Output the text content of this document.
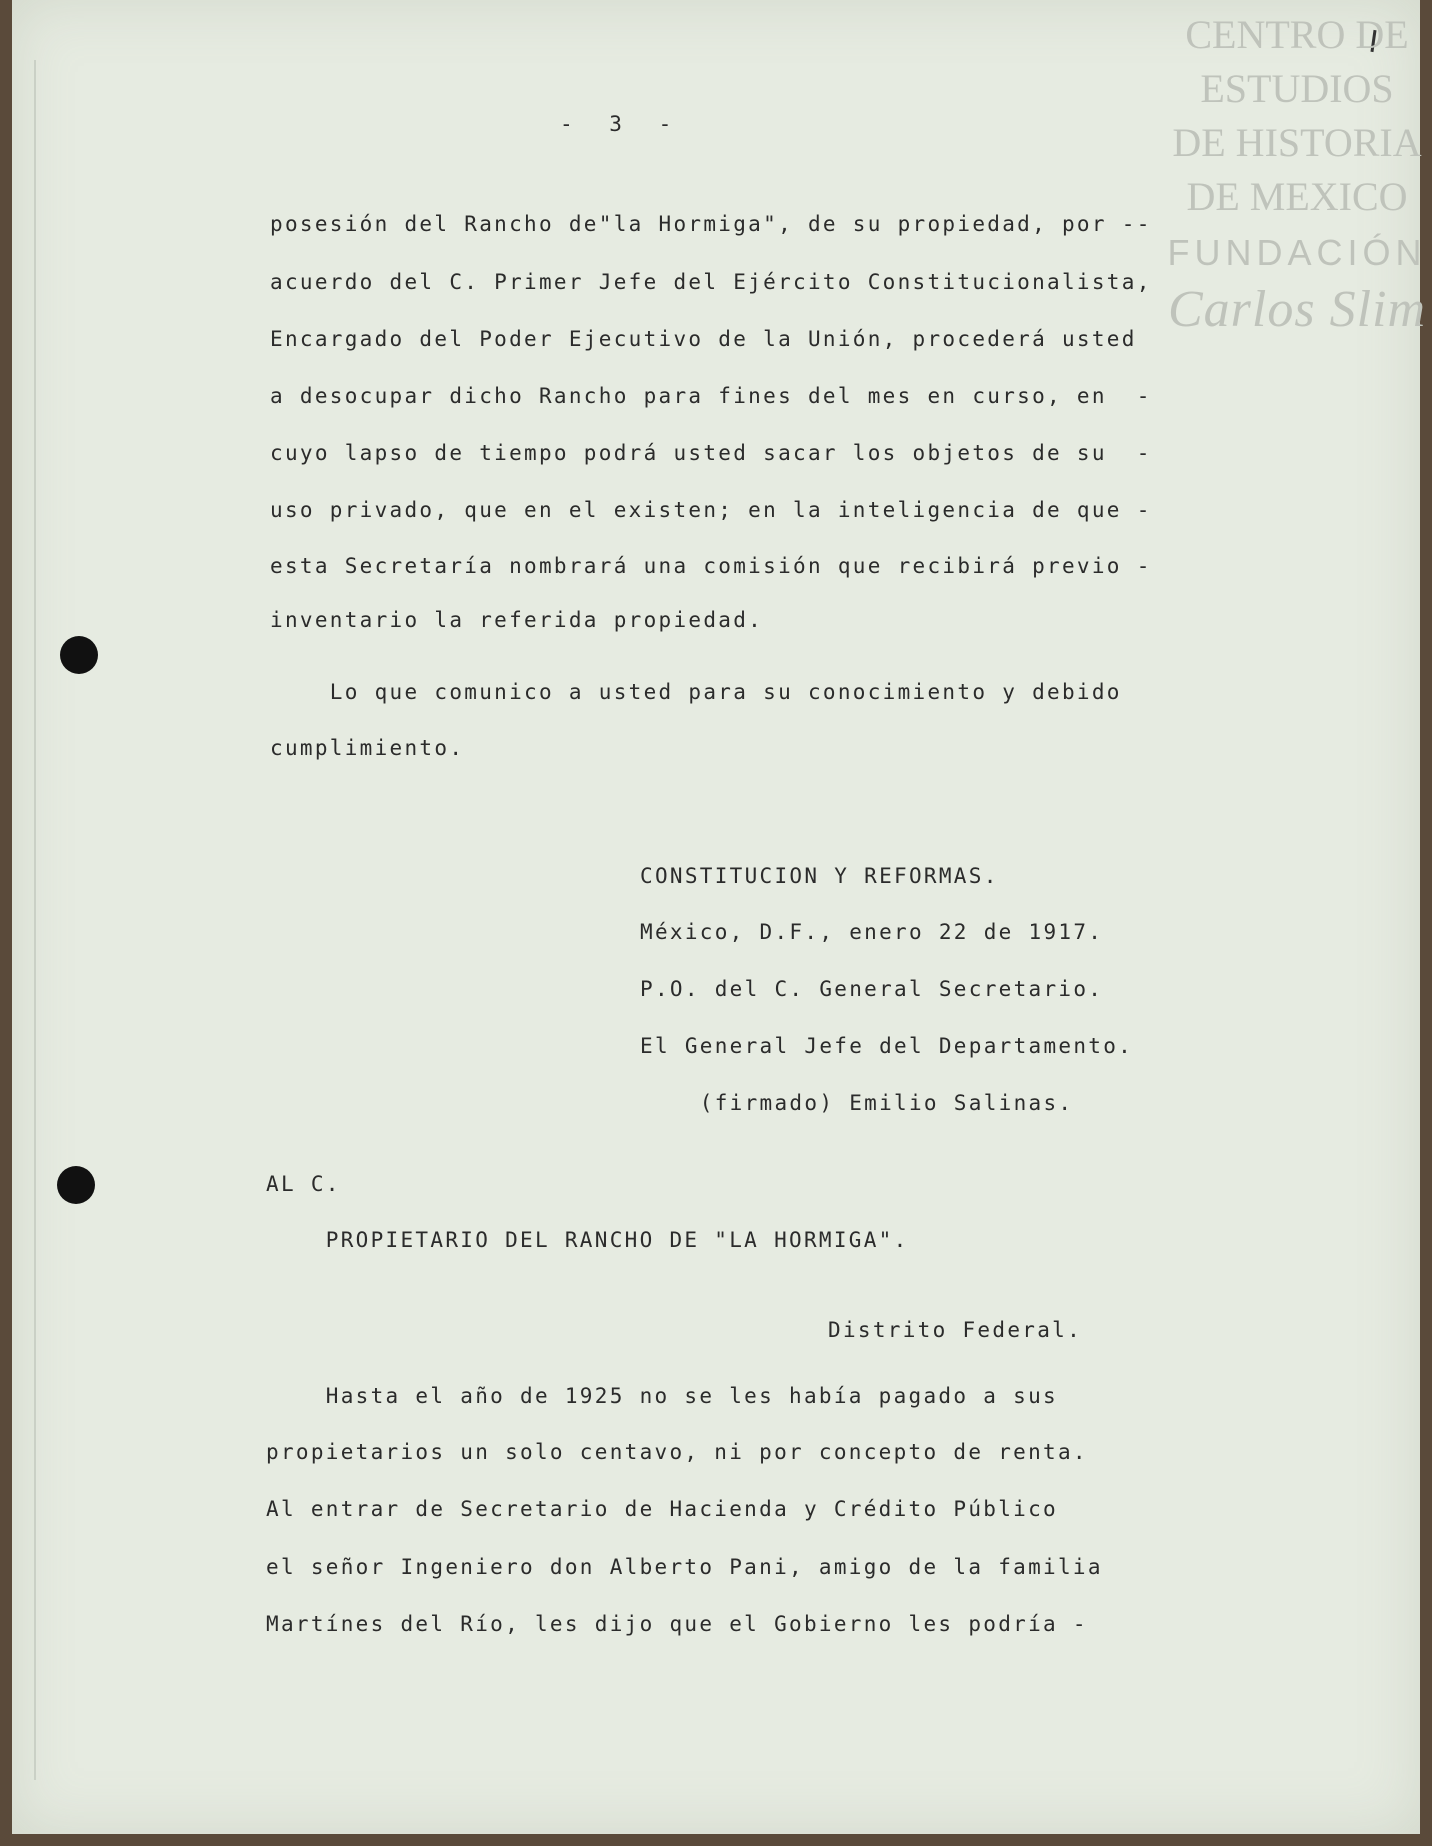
CENTRO DE
ESTUDIOS
DE HISTORIA
DE MEXICO
FUNDACIÓN
Carlos Slim
- 3 -
posesión del Rancho de"la Hormiga", de su propiedad, por --
acuerdo del C. Primer Jefe del Ejército Constitucionalista,
Encargado del Poder Ejecutivo de la Unión, procederá usted
a desocupar dicho Rancho para fines del mes en curso, en  -
cuyo lapso de tiempo podrá usted sacar los objetos de su  -
uso privado, que en el existen; en la inteligencia de que -
esta Secretaría nombrará una comisión que recibirá previo -
inventario la referida propiedad.
Lo que comunico a usted para su conocimiento y debido
cumplimiento.
CONSTITUCION Y REFORMAS.
México, D.F., enero 22 de 1917.
P.O. del C. General Secretario.
El General Jefe del Departamento.
(firmado) Emilio Salinas.
AL C.
PROPIETARIO DEL RANCHO DE "LA HORMIGA".
Distrito Federal.
Hasta el año de 1925 no se les había pagado a sus
propietarios un solo centavo, ni por concepto de renta.
Al entrar de Secretario de Hacienda y Crédito Público
el señor Ingeniero don Alberto Pani, amigo de la familia
Martínes del Río, les dijo que el Gobierno les podría -
